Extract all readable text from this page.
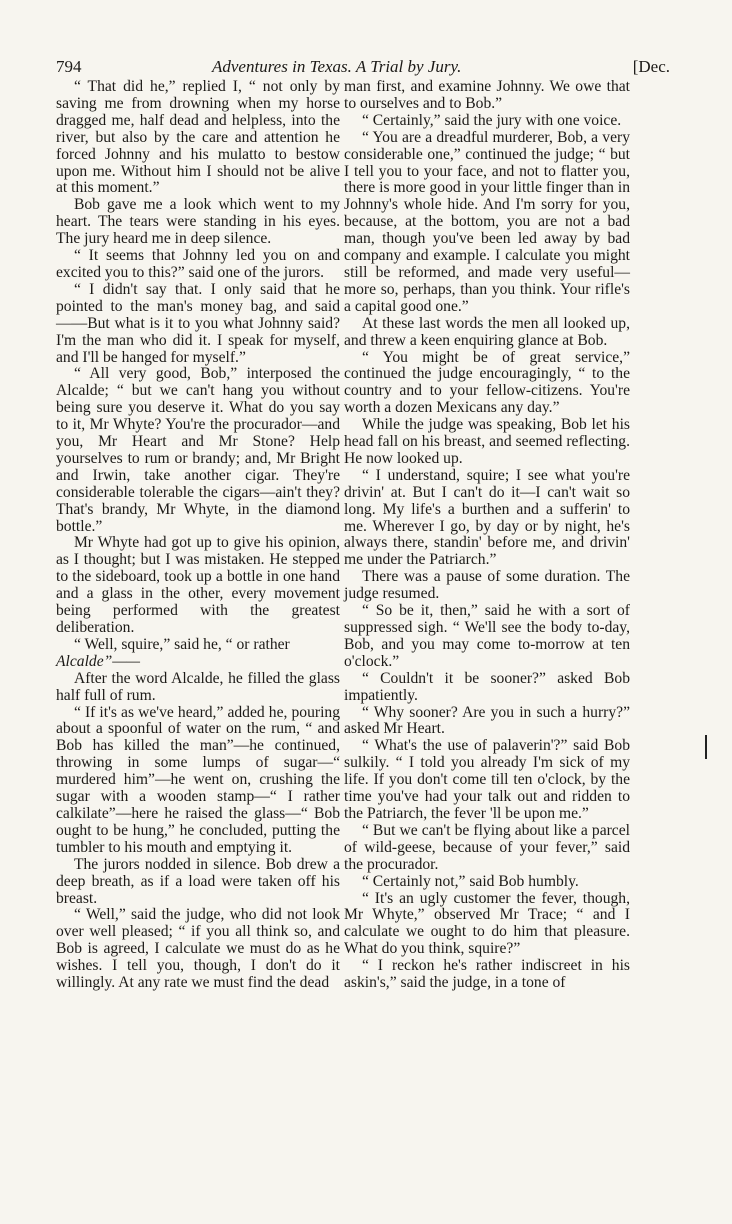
794	Adventures in Texas. A Trial by Jury.	[Dec.

“ That did he,” replied I, “ not only by saving me from drowning when my horse dragged me, half dead and helpless, into the river, but also by the care and attention he forced Johnny and his mulatto to bestow upon me. Without him I should not be alive at this moment.”

Bob gave me a look which went to my heart. The tears were standing in his eyes. The jury heard me in deep silence.

“ It seems that Johnny led you on and excited you to this?” said one of the jurors.

“ I didn't say that. I only said that he pointed to the man's money bag, and said——But what is it to you what Johnny said? I'm the man who did it. I speak for myself, and I'll be hanged for myself.”

“ All very good, Bob,” interposed the Alcalde; “ but we can't hang you without being sure you deserve it. What do you say to it, Mr Whyte? You're the procurador—and you, Mr Heart and Mr Stone? Help yourselves to rum or brandy; and, Mr Bright and Irwin, take another cigar. They're considerable tolerable the cigars—ain't they? That's brandy, Mr Whyte, in the diamond bottle.”

Mr Whyte had got up to give his opinion, as I thought; but I was mistaken. He stepped to the sideboard, took up a bottle in one hand and a glass in the other, every movement being performed with the greatest deliberation.

“ Well, squire,” said he, “ or rather

Alcalde”——

After the word Alcalde, he filled the glass half full of rum.

“ If it's as we've heard,” added he, pouring about a spoonful of water on the rum, “ and Bob has killed the man”—he continued, throwing in some lumps of sugar—“ murdered him”—he went on, crushing the sugar with a wooden stamp—“ I rather calkilate”—here he raised the glass—“ Bob ought to be hung,” he concluded, putting the tumbler to his mouth and emptying it.

The jurors nodded in silence. Bob drew a deep breath, as if a load were taken off his breast.

“ Well,” said the judge, who did not look over well pleased; “ if you all think so, and Bob is agreed, I calculate we must do as he wishes. I tell you, though, I don't do it willingly. At any rate we must find the dead

man first, and examine Johnny. We owe that to ourselves and to Bob.”

“ Certainly,” said the jury with one voice.

“ You are a dreadful murderer, Bob, a very considerable one,” continued the judge; “ but I tell you to your face, and not to flatter you, there is more good in your little finger than in Johnny's whole hide. And I'm sorry for you, because, at the bottom, you are not a bad man, though you've been led away by bad company and example. I calculate you might still be reformed, and made very useful—more so, perhaps, than you think. Your rifle's a capital good one.”

At these last words the men all looked up, and threw a keen enquiring glance at Bob.

“ You might be of great service,” continued the judge encouragingly, “ to the country and to your fellow-citizens. You're worth a dozen Mexicans any day.”

While the judge was speaking, Bob let his head fall on his breast, and seemed reflecting. He now looked up.

“ I understand, squire; I see what you're drivin' at. But I can't do it—I can't wait so long. My life's a burthen and a sufferin' to me. Wherever I go, by day or by night, he's always there, standin' before me, and drivin' me under the Patriarch.”

There was a pause of some duration. The judge resumed.

“ So be it, then,” said he with a sort of suppressed sigh. “ We'll see the body to-day, Bob, and you may come to-morrow at ten o'clock.”

“ Couldn't it be sooner?” asked Bob impatiently.

“ Why sooner? Are you in such a hurry?” asked Mr Heart.

“ What's the use of palaverin'?” said Bob sulkily. “ I told you already I'm sick of my life. If you don't come till ten o'clock, by the time you've had your talk out and ridden to the Patriarch, the fever 'll be upon me.”

“ But we can't be flying about like a parcel of wild-geese, because of your fever,” said the procurador.

“ Certainly not,” said Bob humbly.

“ It's an ugly customer the fever, though, Mr Whyte,” observed Mr Trace; “ and I calculate we ought to do him that pleasure. What do you think, squire?”

“ I reckon he's rather indiscreet in his askin's,” said the judge, in a tone of
